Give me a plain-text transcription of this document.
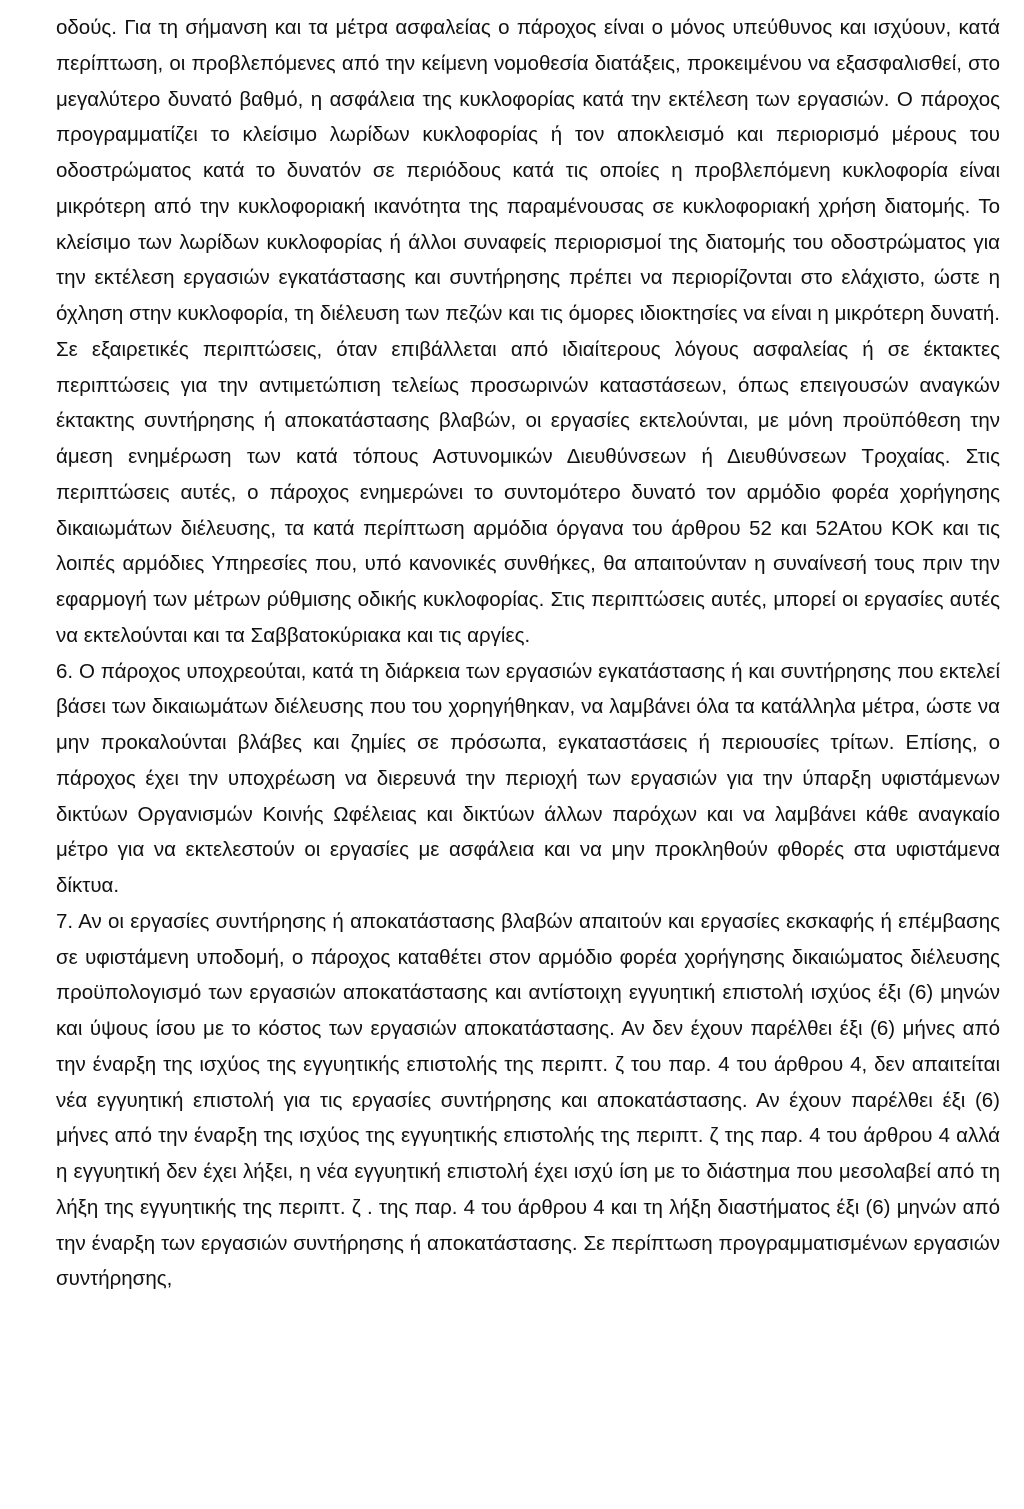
οδούς. Για τη σήμανση και τα μέτρα ασφαλείας ο πάροχος είναι ο μόνος υπεύθυνος και ισχύουν, κατά περίπτωση, οι προβλεπόμενες από την κείμενη νομοθεσία διατάξεις, προκειμένου να εξασφαλισθεί, στο μεγαλύτερο δυνατό βαθμό, η ασφάλεια της κυκλοφορίας κατά την εκτέλεση των εργασιών. Ο πάροχος προγραμματίζει το κλείσιμο λωρίδων κυκλοφορίας ή τον αποκλεισμό και περιορισμό μέρους του οδοστρώματος κατά το δυνατόν σε περιόδους κατά τις οποίες η προβλεπόμενη κυκλοφορία είναι μικρότερη από την κυκλοφοριακή ικανότητα της παραμένουσας σε κυκλοφοριακή χρήση διατομής. Το κλείσιμο των λωρίδων κυκλοφορίας ή άλλοι συναφείς περιορισμοί της διατομής του οδοστρώματος για την εκτέλεση εργασιών εγκατάστασης και συντήρησης πρέπει να περιορίζονται στο ελάχιστο, ώστε η όχληση στην κυκλοφορία, τη διέλευση των πεζών και τις όμορες ιδιοκτησίες να είναι η μικρότερη δυνατή. Σε εξαιρετικές περιπτώσεις, όταν επιβάλλεται από ιδιαίτερους λόγους ασφαλείας ή σε έκτακτες περιπτώσεις για την αντιμετώπιση τελείως προσωρινών καταστάσεων, όπως επειγουσών αναγκών έκτακτης συντήρησης ή αποκατάστασης βλαβών, οι εργασίες εκτελούνται, με μόνη προϋπόθεση την άμεση ενημέρωση των κατά τόπους Αστυνομικών Διευθύνσεων ή Διευθύνσεων Τροχαίας. Στις περιπτώσεις αυτές, ο πάροχος ενημερώνει το συντομότερο δυνατό τον αρμόδιο φορέα χορήγησης δικαιωμάτων διέλευσης, τα κατά περίπτωση αρμόδια όργανα του άρθρου 52 και 52Ατου ΚΟΚ και τις λοιπές αρμόδιες Υπηρεσίες που, υπό κανονικές συνθήκες, θα απαιτούνταν η συναίνεσή τους πριν την εφαρμογή των μέτρων ρύθμισης οδικής κυκλοφορίας. Στις περιπτώσεις αυτές, μπορεί οι εργασίες αυτές να εκτελούνται και τα Σαββατοκύριακα και τις αργίες.

6. Ο πάροχος υποχρεούται, κατά τη διάρκεια των εργασιών εγκατάστασης ή και συντήρησης που εκτελεί βάσει των δικαιωμάτων διέλευσης που του χορηγήθηκαν, να λαμβάνει όλα τα κατάλληλα μέτρα, ώστε να μην προκαλούνται βλάβες και ζημίες σε πρόσωπα, εγκαταστάσεις ή περιουσίες τρίτων. Επίσης, ο πάροχος έχει την υποχρέωση να διερευνά την περιοχή των εργασιών για την ύπαρξη υφιστάμενων δικτύων Οργανισμών Κοινής Ωφέλειας και δικτύων άλλων παρόχων και να λαμβάνει κάθε αναγκαίο μέτρο για να εκτελεστούν οι εργασίες με ασφάλεια και να μην προκληθούν φθορές στα υφιστάμενα δίκτυα.

7. Αν οι εργασίες συντήρησης ή αποκατάστασης βλαβών απαιτούν και εργασίες εκσκαφής ή επέμβασης σε υφιστάμενη υποδομή, ο πάροχος καταθέτει στον αρμόδιο φορέα χορήγησης δικαιώματος διέλευσης προϋπολογισμό των εργασιών αποκατάστασης και αντίστοιχη εγγυητική επιστολή ισχύος έξι (6) μηνών και ύψους ίσου με το κόστος των εργασιών αποκατάστασης. Αν δεν έχουν παρέλθει έξι (6) μήνες από την έναρξη της ισχύος της εγγυητικής επιστολής της περιπτ. ζ του παρ. 4 του άρθρου 4, δεν απαιτείται νέα εγγυητική επιστολή για τις εργασίες συντήρησης και αποκατάστασης. Αν έχουν παρέλθει έξι (6) μήνες από την έναρξη της ισχύος της εγγυητικής επιστολής της περιπτ. ζ της παρ. 4 του άρθρου 4 αλλά η εγγυητική δεν έχει λήξει, η νέα εγγυητική επιστολή έχει ισχύ ίση με το διάστημα που μεσολαβεί από τη λήξη της εγγυητικής της περιπτ. ζ . της παρ. 4 του άρθρου 4 και τη λήξη διαστήματος έξι (6) μηνών από την έναρξη των εργασιών συντήρησης ή αποκατάστασης. Σε περίπτωση προγραμματισμένων εργασιών συντήρησης,
